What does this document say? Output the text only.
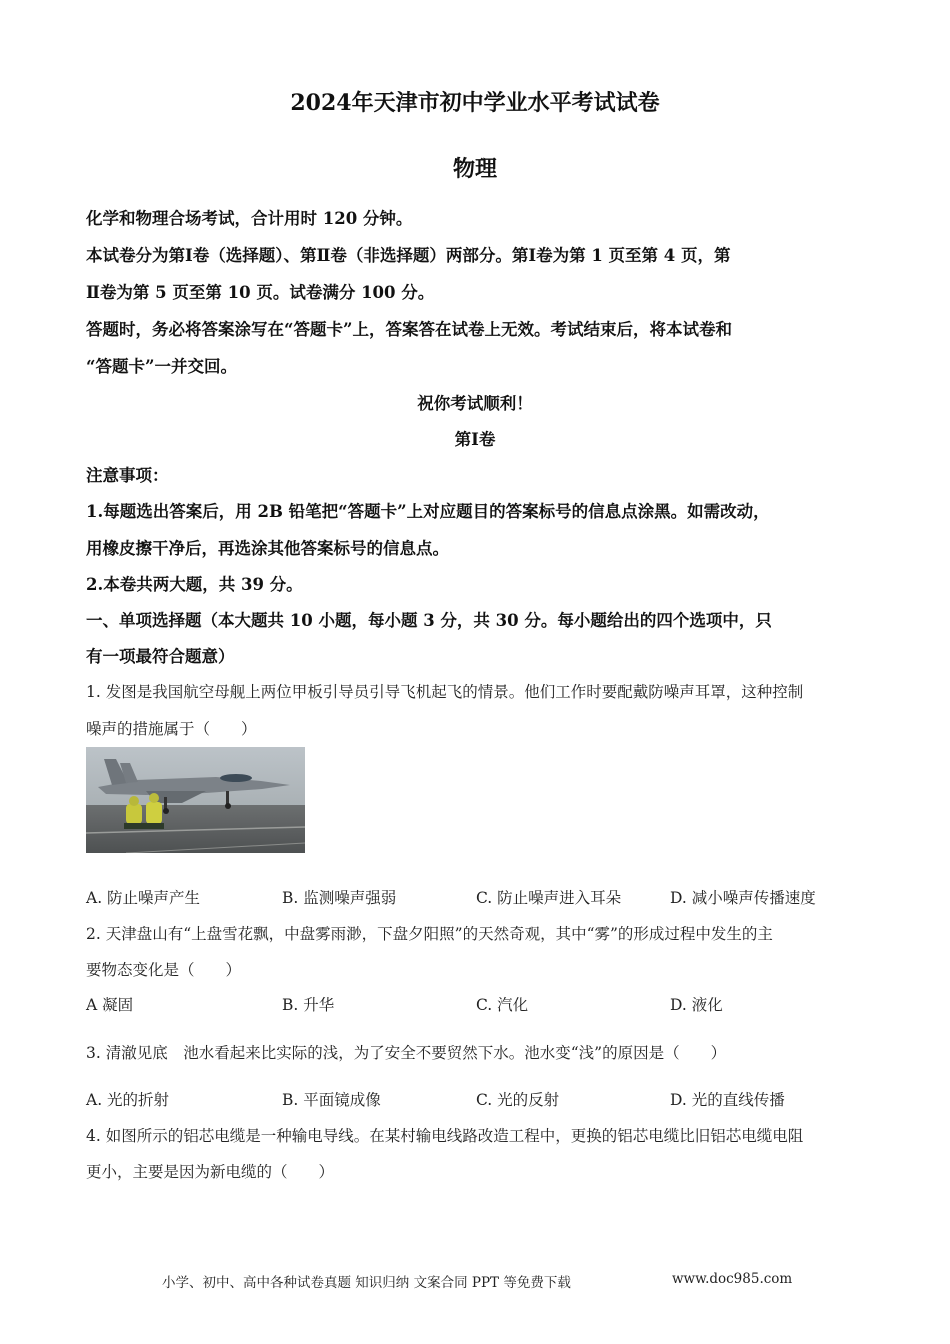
2024年天津市初中学业水平考试试卷
物理
化学和物理合场考试，合计用时 120 分钟。
本试卷分为第Ⅰ卷（选择题）、第Ⅱ卷（非选择题）两部分。第Ⅰ卷为第 1 页至第 4 页，第
Ⅱ卷为第 5 页至第 10 页。试卷满分 100 分。
答题时，务必将答案涂写在“答题卡”上，答案答在试卷上无效。考试结束后，将本试卷和
“答题卡”一并交回。
祝你考试顺利！
第Ⅰ卷
注意事项：
1.每题选出答案后，用 2B 铅笔把“答题卡”上对应题目的答案标号的信息点涂黑。如需改动，
用橡皮擦干净后，再选涂其他答案标号的信息点。
2.本卷共两大题，共 39 分。
一、单项选择题（本大题共 10 小题，每小题 3 分，共 30 分。每小题给出的四个选项中，只
有一项最符合题意）
1. 发图是我国航空母舰上两位甲板引导员引导飞机起飞的情景。他们工作时要配戴防噪声耳罩，这种控制
噪声的措施属于（　　）
A. 防止噪声产生	B. 监测噪声强弱	C. 防止噪声进入耳朵	D. 减小噪声传播速度
2. 天津盘山有“上盘雪花飘，中盘雾雨渺，下盘夕阳照”的天然奇观，其中“雾”的形成过程中发生的主
要物态变化是（　　）
A 凝固	B. 升华	C. 汽化	D. 液化
3. 清澈见底　池水看起来比实际的浅，为了安全不要贸然下水。池水变“浅”的原因是（　　）
A. 光的折射	B. 平面镜成像	C. 光的反射	D. 光的直线传播
4. 如图所示的铝芯电缆是一种输电导线。在某村输电线路改造工程中，更换的铝芯电缆比旧铝芯电缆电阻
更小，主要是因为新电缆的（　　）
小学、初中、高中各种试卷真题 知识归纳 文案合同 PPT 等免费下载	www.doc985.com
